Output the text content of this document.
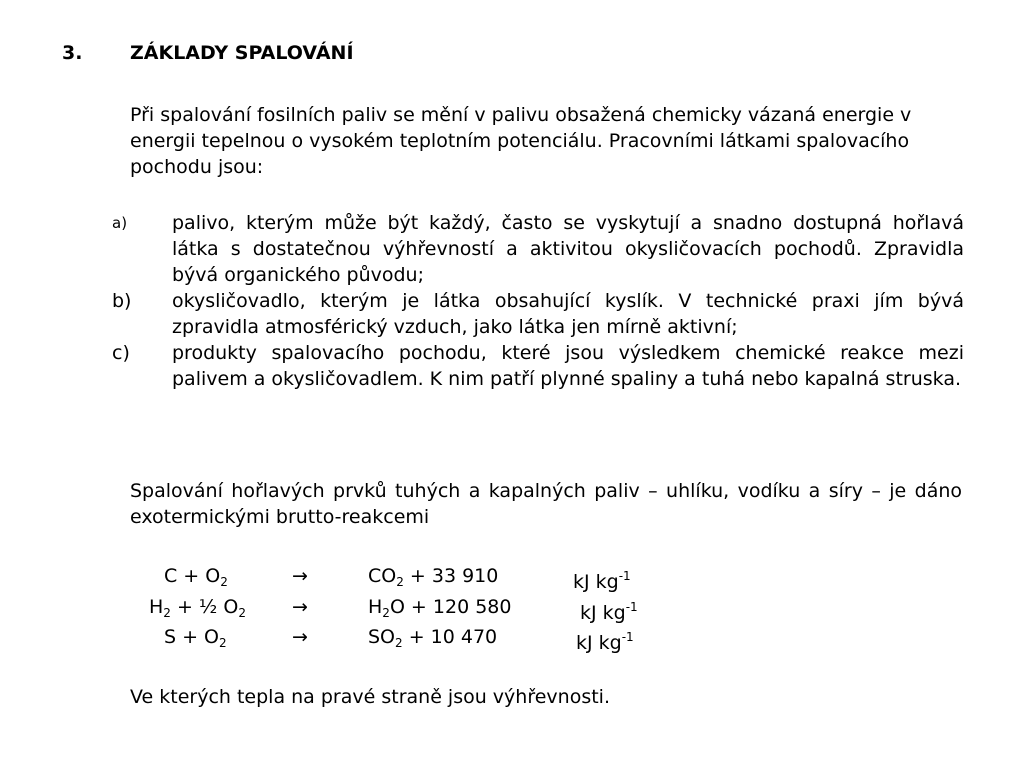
3.	ZÁKLADY SPALOVÁNÍ
Při spalování fosilních paliv se mění v palivu obsažená chemicky vázaná energie v energii tepelnou o vysokém teplotním potenciálu. Pracovními látkami spalovacího pochodu jsou:
a)	palivo, kterým může být každý, často se vyskytují a snadno dostupná hořlavá látka s dostatečnou výhřevností a aktivitou okysličovacích pochodů. Zpravidla bývá organického původu;
b)	okysličovadlo, kterým je látka obsahující kyslík. V technické praxi jím bývá zpravidla atmosférický vzduch, jako látka jen mírně aktivní;
c)	produkty spalovacího pochodu, které jsou výsledkem chemické reakce mezi palivem a okysličovadlem. K nim patří plynné spaliny a tuhá nebo kapalná struska.
Spalování hořlavých prvků tuhých a kapalných paliv – uhlíku, vodíku a síry – je dáno exotermickými brutto-reakcemi
$C + O_2$	→	$CO_2 + 33$ 910	kJ $kg^{-1}$
$H_2$ + ½ $O_2$ →	$H_2O + 120$ 580	kJ $kg^{-1}$
$S + O_2$	→	$SO_2 + 10$ 470	kJ $kg^{-1}$
Ve kterých tepla na pravé straně jsou výhřevnosti.
